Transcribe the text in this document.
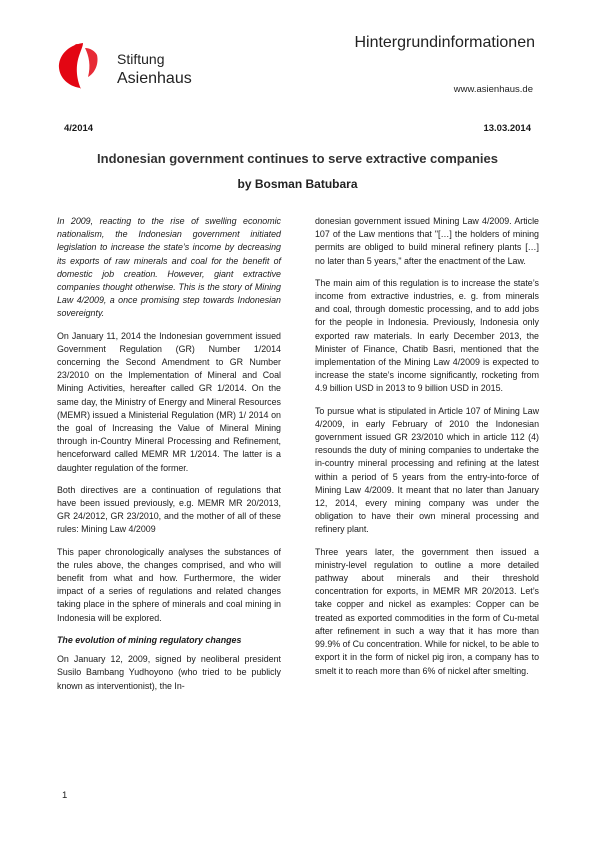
Stiftung
Asienhaus
Hintergrundinformationen
www.asienhaus.de
4/2014	13.03.2014
Indonesian government continues to serve extractive companies
by Bosman Batubara

In 2009, reacting to the rise of swelling economic nationalism, the Indonesian government initiated legislation to increase the state’s income by decreasing its exports of raw minerals and coal for the benefit of domestic job creation. However, giant extractive companies thought otherwise. This is the story of Mining Law 4/2009, a once promising step towards Indonesian sovereignty.

On January 11, 2014 the Indonesian government issued Government Regulation (GR) Number 1/2014 concerning the Second Amendment to GR Number 23/2010 on the Implementation of Mineral and Coal Mining Activities, hereafter called GR 1/2014. On the same day, the Ministry of Energy and Mineral Resources (MEMR) issued a Ministerial Regulation (MR) 1/ 2014 on the goal of Increasing the Value of Mineral Mining through in-Country Mineral Processing and Refinement, henceforward called MEMR MR 1/2014. The latter is a daughter regulation of the former.

Both directives are a continuation of regulations that have been issued previously, e.g. MEMR MR 20/2013, GR 24/2012, GR 23/2010, and the mother of all of these rules: Mining Law 4/2009

This paper chronologically analyses the substances of the rules above, the changes comprised, and who will benefit from what and how. Furthermore, the wider impact of a series of regulations and related changes taking place in the sphere of minerals and coal mining in Indonesia will be explored.

The evolution of mining regulatory changes

On January 12, 2009, signed by neoliberal president Susilo Bambang Yudhoyono (who tried to be publicly known as interventionist), the In-

donesian government issued Mining Law 4/2009. Article 107 of the Law mentions that "[…] the holders of mining permits are obliged to build mineral refinery plants […] no later than 5 years," after the enactment of the Law.

The main aim of this regulation is to increase the state’s income from extractive industries, e. g. from minerals and coal, through domestic processing, and to add jobs for the people in Indonesia. Previously, Indonesia only exported raw materials. In early December 2013, the Minister of Finance, Chatib Basri, mentioned that the implementation of the Mining Law 4/2009 is expected to increase the state’s income significantly, rocketing from 4.9 billion USD in 2013 to 9 billion USD in 2015.

To pursue what is stipulated in Article 107 of Mining Law 4/2009, in early February of 2010 the Indonesian government issued GR 23/2010 which in article 112 (4) resounds the duty of mining companies to undertake the in-country mineral processing and refining at the latest within a period of 5 years from the entry-into-force of Mining Law 4/2009. It meant that no later than January 12, 2014, every mining company was under the obligation to have their own mineral processing and refinery plant.

Three years later, the government then issued a ministry-level regulation to outline a more detailed pathway about minerals and their threshold concentration for exports, in MEMR MR 20/2013. Let’s take copper and nickel as examples: Copper can be treated as exported commodities in the form of Cu-metal after refinement in such a way that it has more than 99.9% of Cu concentration. While for nickel, to be able to export it in the form of nickel pig iron, a company has to smelt it to reach more than 6% of nickel after smelting.

1
